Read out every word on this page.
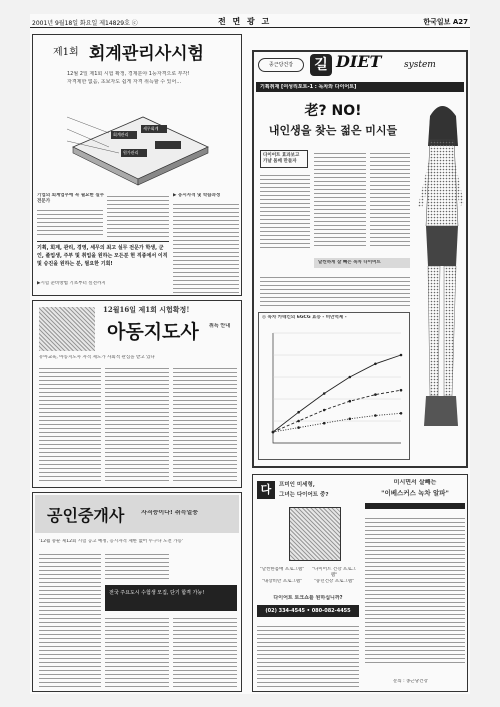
2001년 9월18일 화요일 제14829호 ⓒ	전 면 광 고	한국일보 A27
제1회 회계관리사시험
12월 2일 제1회 시험 확정, 경제분야 1등자격으로 부각!
자격제한 없음, 초보자도 쉽게 자격 취득할 수 있어...
회계관리
세무회계
원가관리
기업의 회계업무에 꼭 필요한 실무 전문가
▶ 응시자격 및 학습과정
기획, 회계, 관리, 경영, 세무의 최고 실무 전문가 학생, 군인, 졸업생, 주부 및 취업을 원하는 모든분 현 직종에서 이직 및 승진을 원하는 분, 필요한 기회!
▶시험 준비방법 기초부터 실전까지
12월16일 제1회 시험확정!
아동지도사 취득 안내
유아교육, 아동지도사 자격 제도가 사회적 관심을 받고 있다
공인중개사	자격증이다! 취득열풍
'12월 중순 제12회 시험 공고 예정, 응시자격 제한 없어 누구나 도전 가능'
전국 주요도시 수험생 모집, 단기 합격 가능!
종근당건강	길 DIET	system
기획취재 [여성리포트-1 : 녹차와 다이어트]
老? NO!
내인생을 찾는 젊은 미시들
다이어트 효과보고 가냘 몸매 만들자
날씬하게 살 빼는 녹차 다이어트
◎ 녹차 카테킨의 6GCG 효능 - 비만억제 -
다	프미인 미세형,
그녀는 다이어트 중?
"날씬한몸매 프로그램"	"다이어트 건강 프로그램"
"내장비만 프로그램"	"중년건강 프로그램"
다이어트 토크쇼를 원하십니까?
(02) 334-4545 • 080-082-4455
미시면서 살빼는
"이베스커스 녹차 알파"
문의 : 종근당건강
